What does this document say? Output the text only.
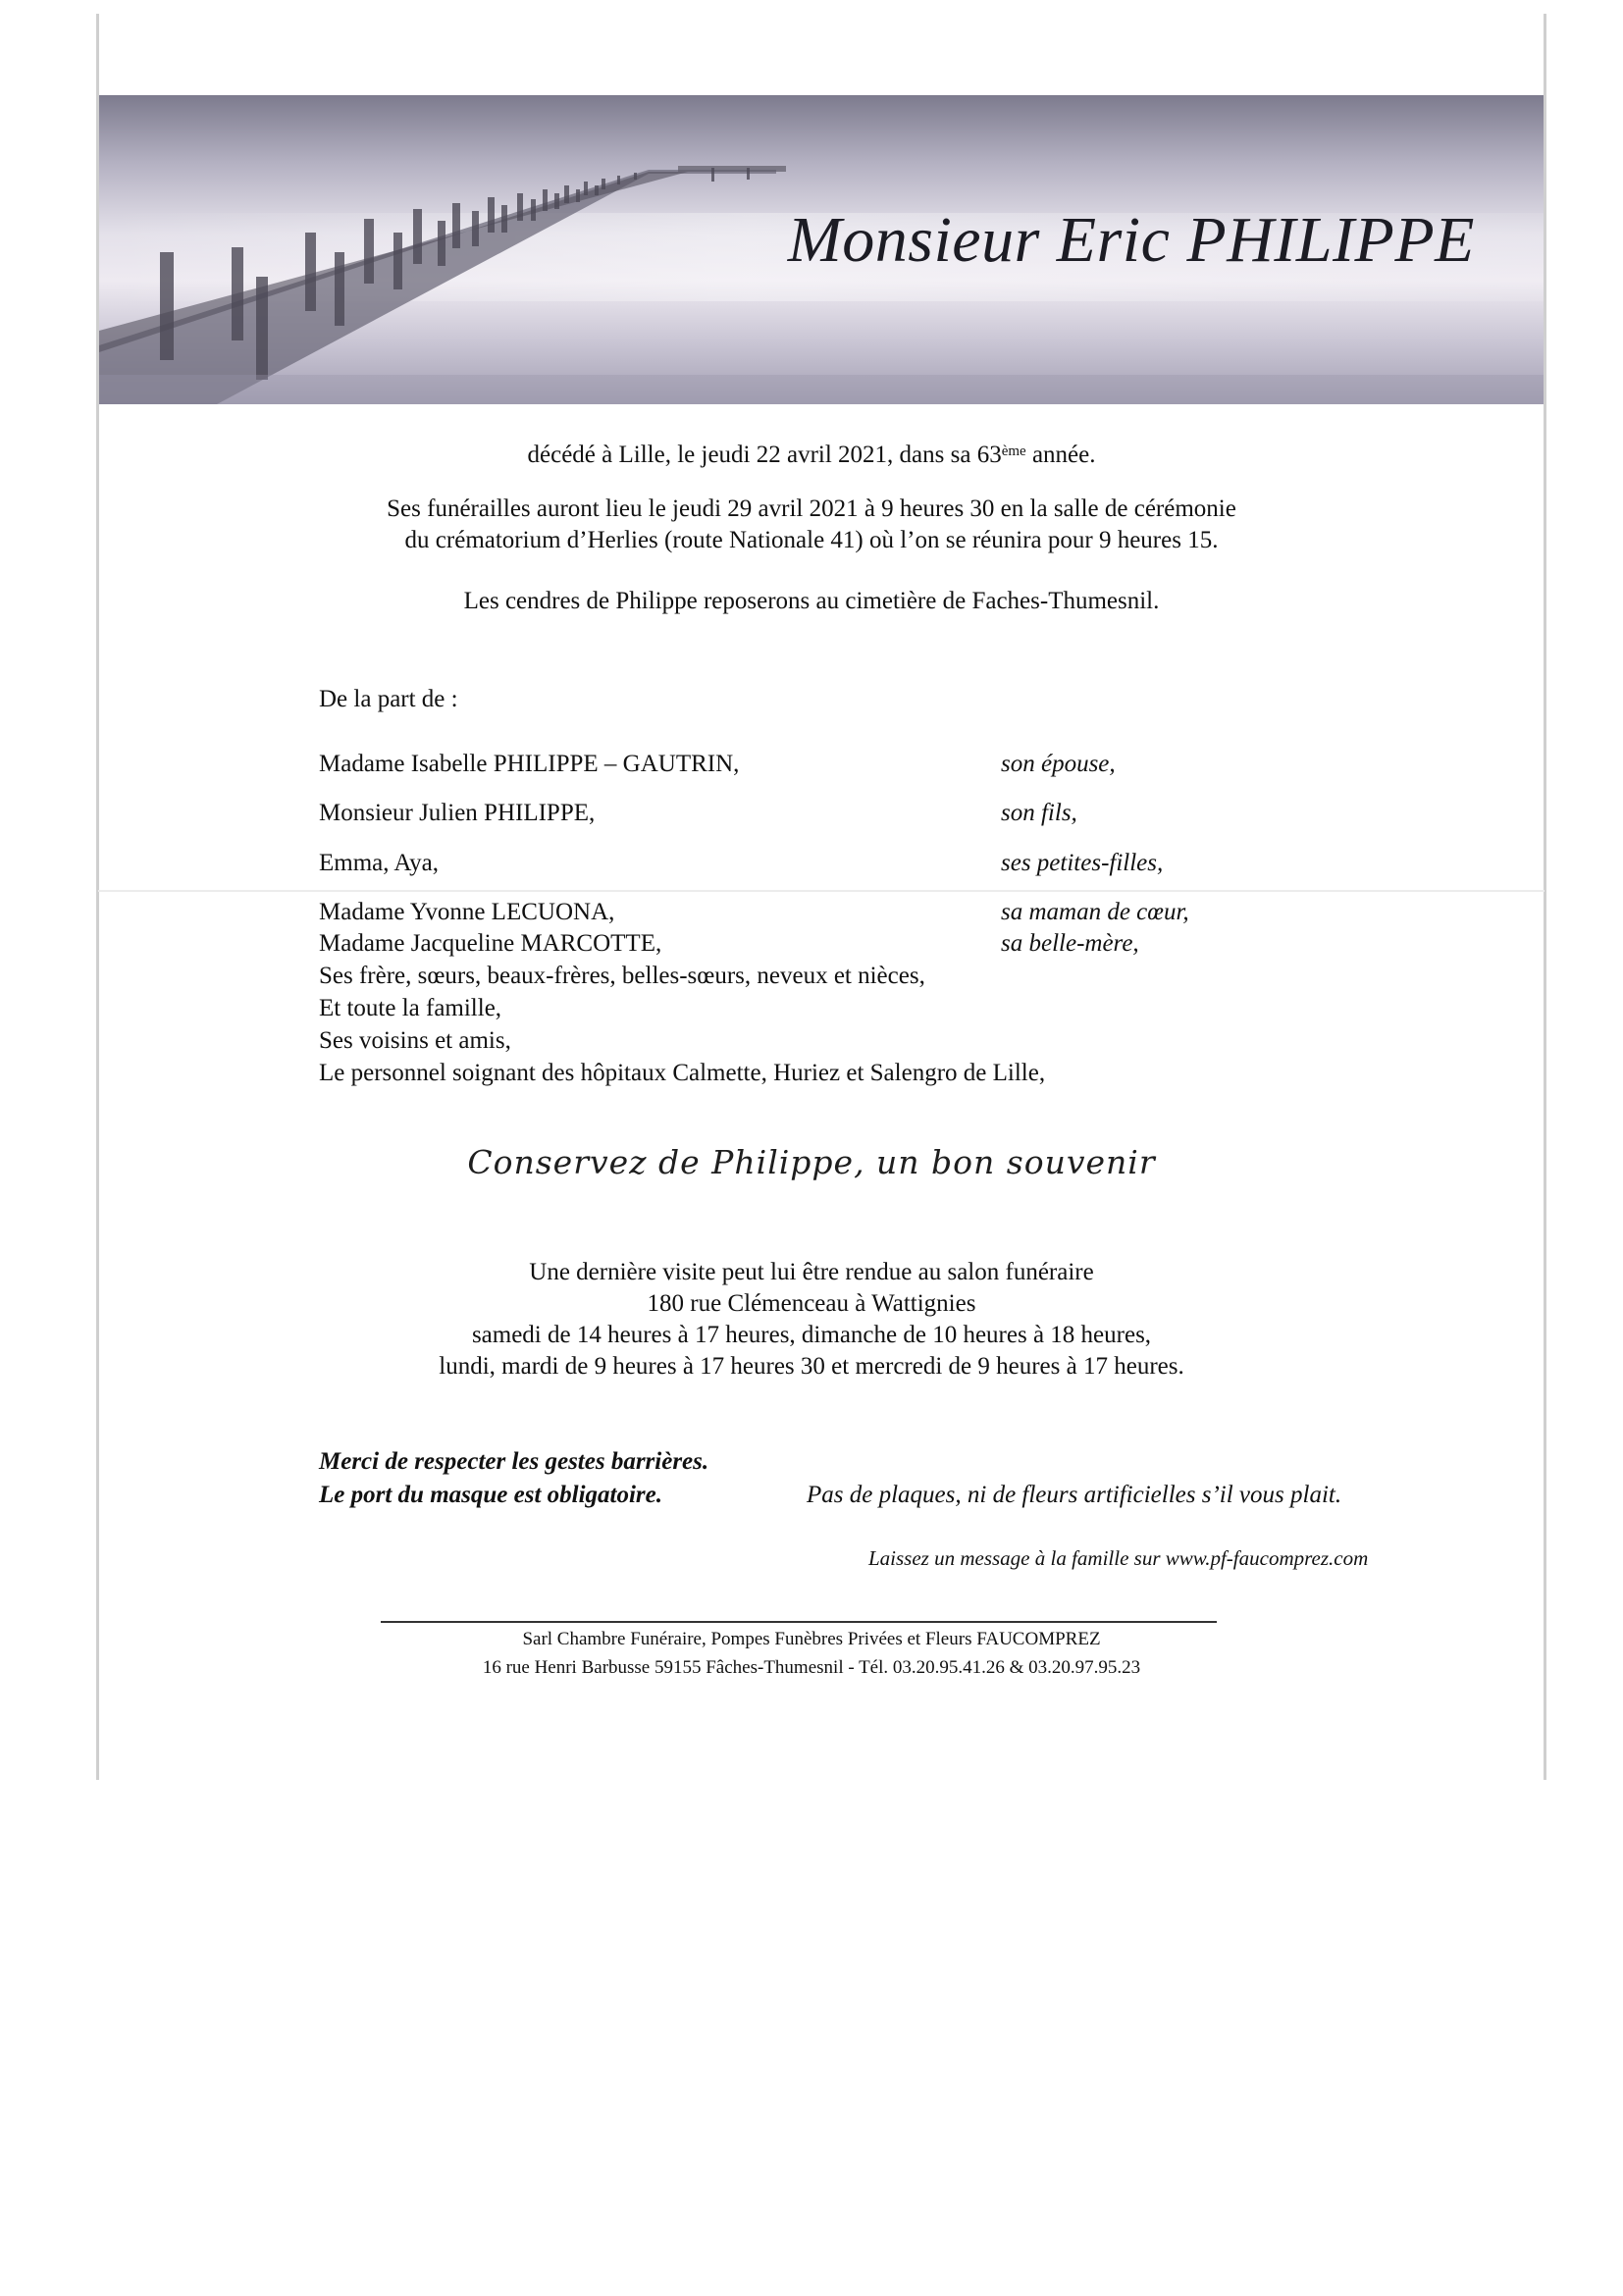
Monsieur Eric PHILIPPE
décédé à Lille, le jeudi 22 avril 2021, dans sa 63ème année.
Ses funérailles auront lieu le jeudi 29 avril 2021 à 9 heures 30 en la salle de cérémonie
du crématorium d’Herlies (route Nationale 41) où l’on se réunira pour 9 heures 15.
Les cendres de Philippe reposerons au cimetière de Faches-Thumesnil.
De la part de :
Madame Isabelle PHILIPPE – GAUTRIN,	son épouse,
Monsieur Julien PHILIPPE,	son fils,
Emma, Aya,	ses petites-filles,
Madame Yvonne LECUONA,	sa maman de cœur,
Madame Jacqueline MARCOTTE,	sa belle-mère,
Ses frère, sœurs, beaux-frères, belles-sœurs, neveux et nièces,
Et toute la famille,
Ses voisins et amis,
Le personnel soignant des hôpitaux Calmette, Huriez et Salengro de Lille,
Conservez de Philippe, un bon souvenir
Une dernière visite peut lui être rendue au salon funéraire
180 rue Clémenceau à Wattignies
samedi de 14 heures à 17 heures, dimanche de 10 heures à 18 heures,
lundi, mardi de 9 heures à 17 heures 30 et mercredi de 9 heures à 17 heures.
Merci de respecter les gestes barrières.
Le port du masque est obligatoire.	Pas de plaques, ni de fleurs artificielles s’il vous plait.
Laissez un message à la famille sur www.pf-faucomprez.com
Sarl Chambre Funéraire, Pompes Funèbres Privées et Fleurs FAUCOMPREZ
16 rue Henri Barbusse 59155 Fâches-Thumesnil - Tél. 03.20.95.41.26 & 03.20.97.95.23
